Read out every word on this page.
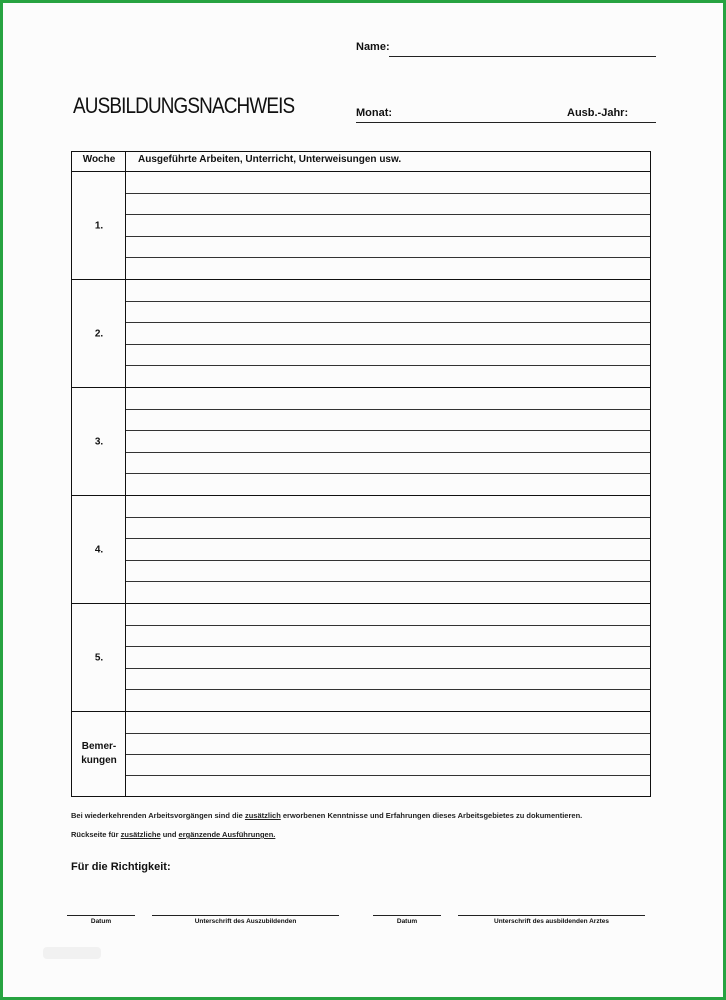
Name:
AUSBILDUNGSNACHWEIS	Monat:	Ausb.-Jahr:
Woche	Ausgeführte Arbeiten, Unterricht, Unterweisungen usw.
1.
2.
3.
4.
5.
Bemer-
kungen
Bei wiederkehrenden Arbeitsvorgängen sind die zusätzlich erworbenen Kenntnisse und Erfahrungen dieses Arbeitsgebietes zu dokumentieren.
Rückseite für zusätzliche und ergänzende Ausführungen.
Für die Richtigkeit:
Datum	Unterschrift des Auszubildenden	Datum	Unterschrift des ausbildenden Arztes
